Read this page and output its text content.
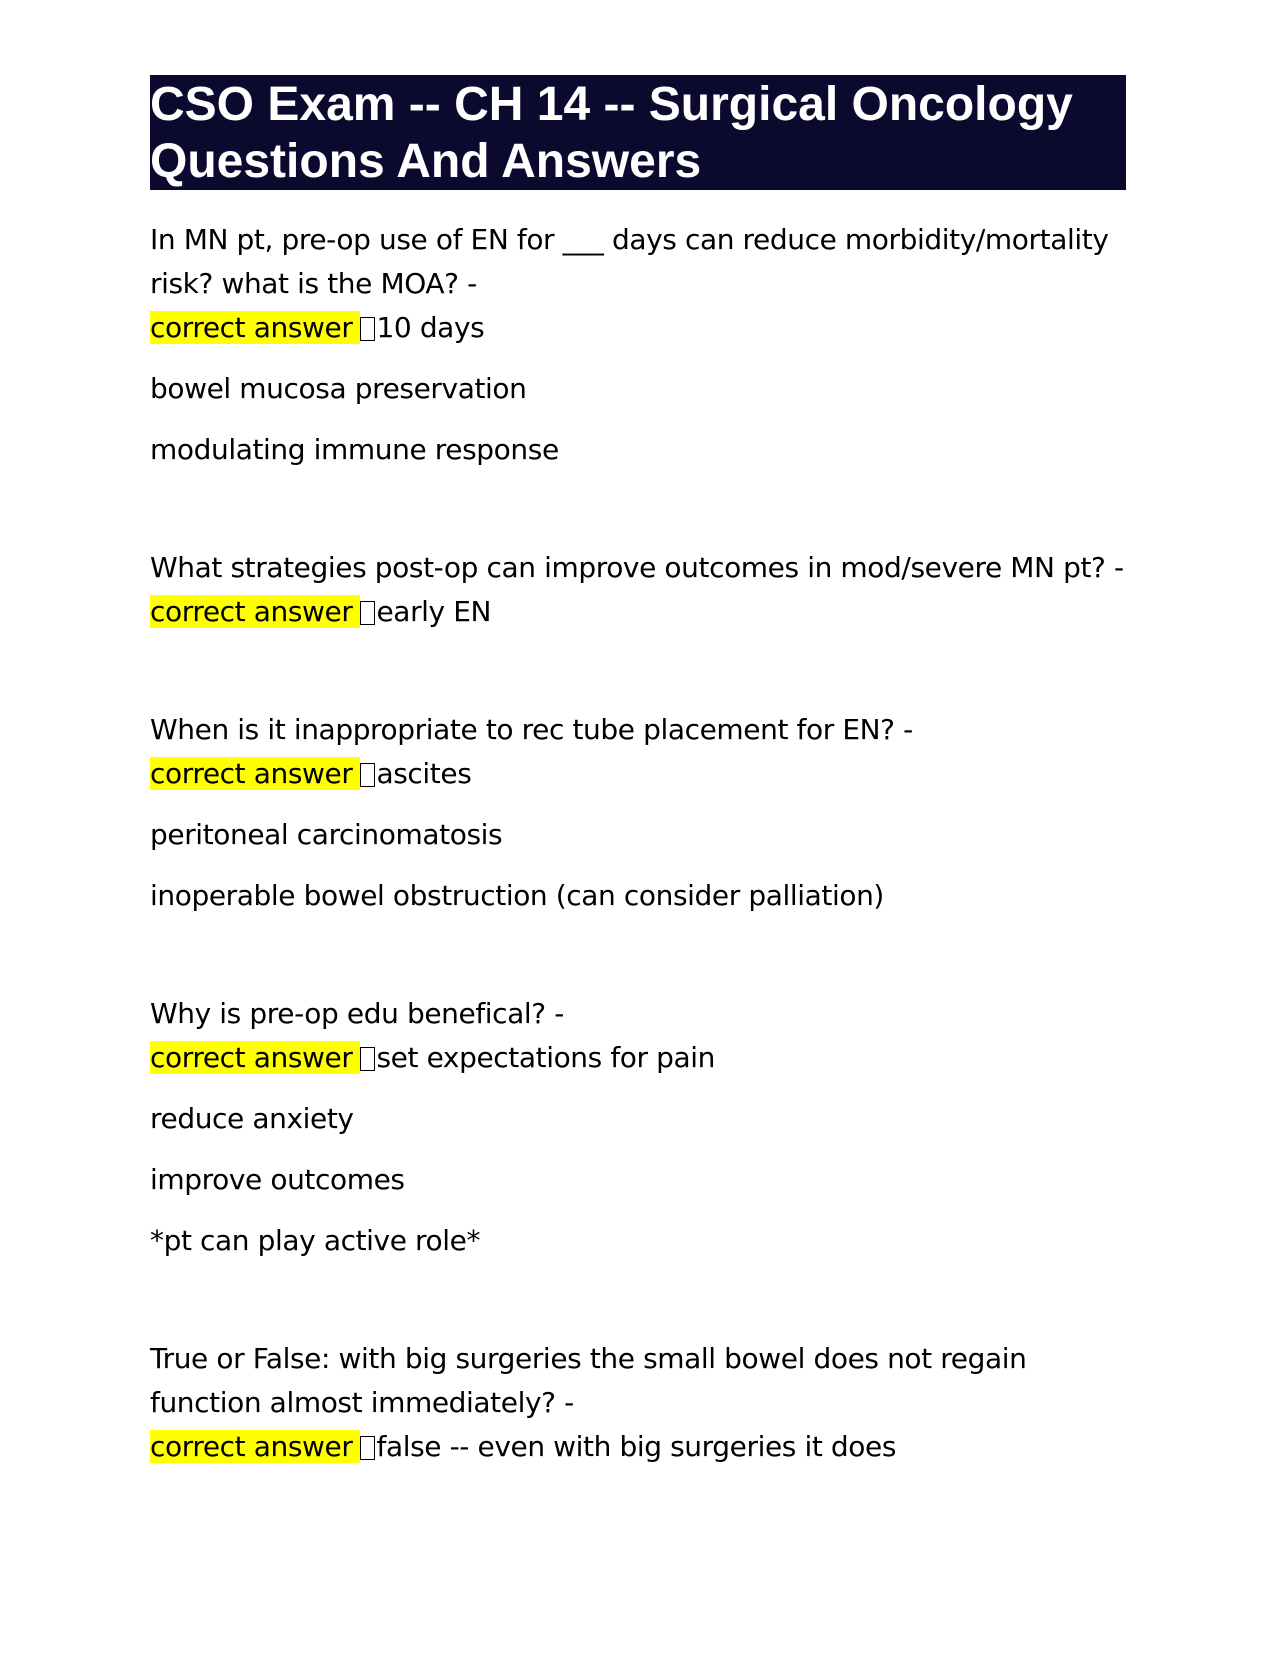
CSO Exam -- CH 14 -- Surgical Oncology
Questions And Answers

In MN pt, pre-op use of EN for ___ days can reduce morbidity/mortality risk? what is the MOA? -

correct answer 10 days

bowel mucosa preservation

modulating immune response

What strategies post-op can improve outcomes in mod/severe MN pt? -

correct answer early EN

When is it inappropriate to rec tube placement for EN? -

correct answer ascites

peritoneal carcinomatosis

inoperable bowel obstruction (can consider palliation)

Why is pre-op edu benefical? -

correct answer set expectations for pain

reduce anxiety

improve outcomes

*pt can play active role*

True or False: with big surgeries the small bowel does not regain function almost immediately? -

correct answer false -- even with big surgeries it does
